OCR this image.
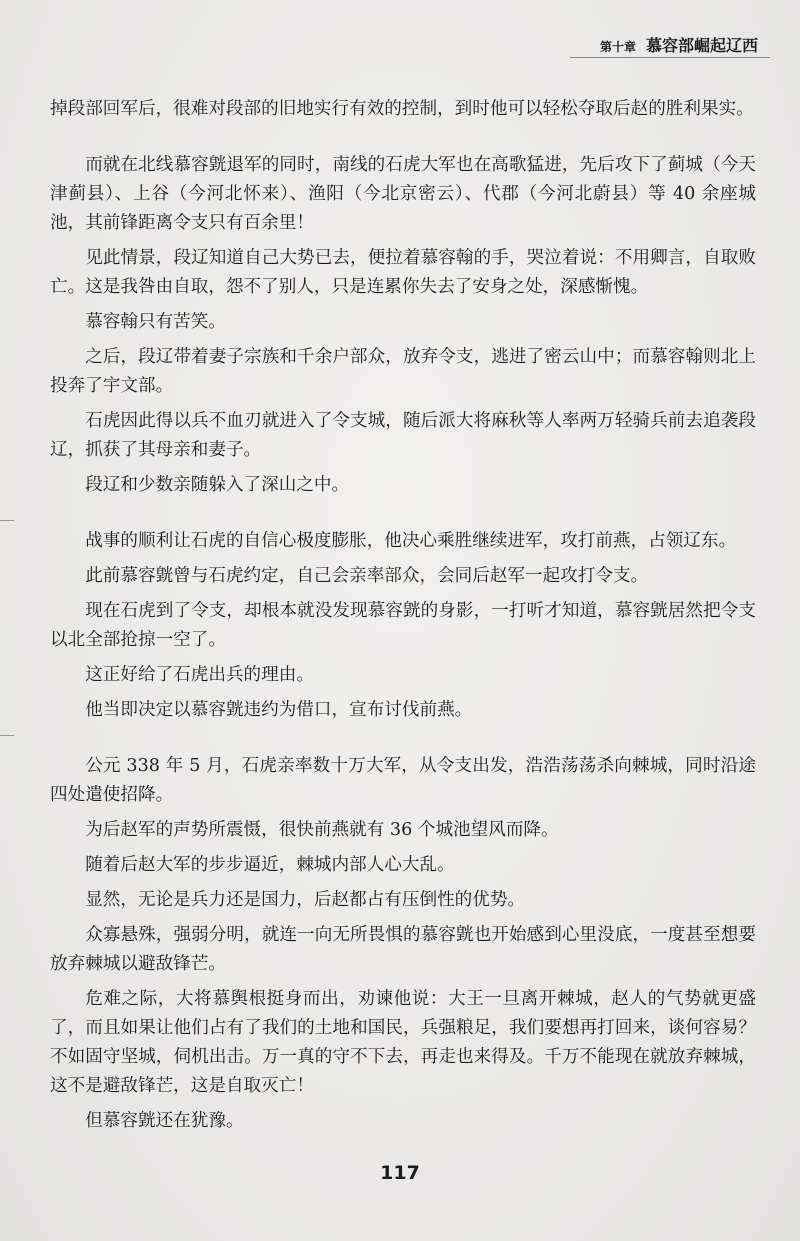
第十章 慕容部崛起辽西

掉段部回军后，很难对段部的旧地实行有效的控制，到时他可以轻松夺取后赵的胜利果实。

而就在北线慕容皝退军的同时，南线的石虎大军也在高歌猛进，先后攻下了蓟城（今天津蓟县）、上谷（今河北怀来）、渔阳（今北京密云）、代郡（今河北蔚县）等 40 余座城池，其前锋距离令支只有百余里！

见此情景，段辽知道自己大势已去，便拉着慕容翰的手，哭泣着说：不用卿言，自取败亡。这是我咎由自取，怨不了别人，只是连累你失去了安身之处，深感惭愧。

慕容翰只有苦笑。

之后，段辽带着妻子宗族和千余户部众，放弃令支，逃进了密云山中；而慕容翰则北上投奔了宇文部。

石虎因此得以兵不血刃就进入了令支城，随后派大将麻秋等人率两万轻骑兵前去追袭段辽，抓获了其母亲和妻子。

段辽和少数亲随躲入了深山之中。

战事的顺利让石虎的自信心极度膨胀，他决心乘胜继续进军，攻打前燕，占领辽东。

此前慕容皝曾与石虎约定，自己会亲率部众，会同后赵军一起攻打令支。

现在石虎到了令支，却根本就没发现慕容皝的身影，一打听才知道，慕容皝居然把令支以北全部抢掠一空了。

这正好给了石虎出兵的理由。

他当即决定以慕容皝违约为借口，宣布讨伐前燕。

公元 338 年 5 月，石虎亲率数十万大军，从令支出发，浩浩荡荡杀向棘城，同时沿途四处遣使招降。

为后赵军的声势所震慑，很快前燕就有 36 个城池望风而降。

随着后赵大军的步步逼近，棘城内部人心大乱。

显然，无论是兵力还是国力，后赵都占有压倒性的优势。

众寡悬殊，强弱分明，就连一向无所畏惧的慕容皝也开始感到心里没底，一度甚至想要放弃棘城以避敌锋芒。

危难之际，大将慕舆根挺身而出，劝谏他说：大王一旦离开棘城，赵人的气势就更盛了，而且如果让他们占有了我们的土地和国民，兵强粮足，我们要想再打回来，谈何容易？不如固守坚城，伺机出击。万一真的守不下去，再走也来得及。千万不能现在就放弃棘城，这不是避敌锋芒，这是自取灭亡！

但慕容皝还在犹豫。

117
